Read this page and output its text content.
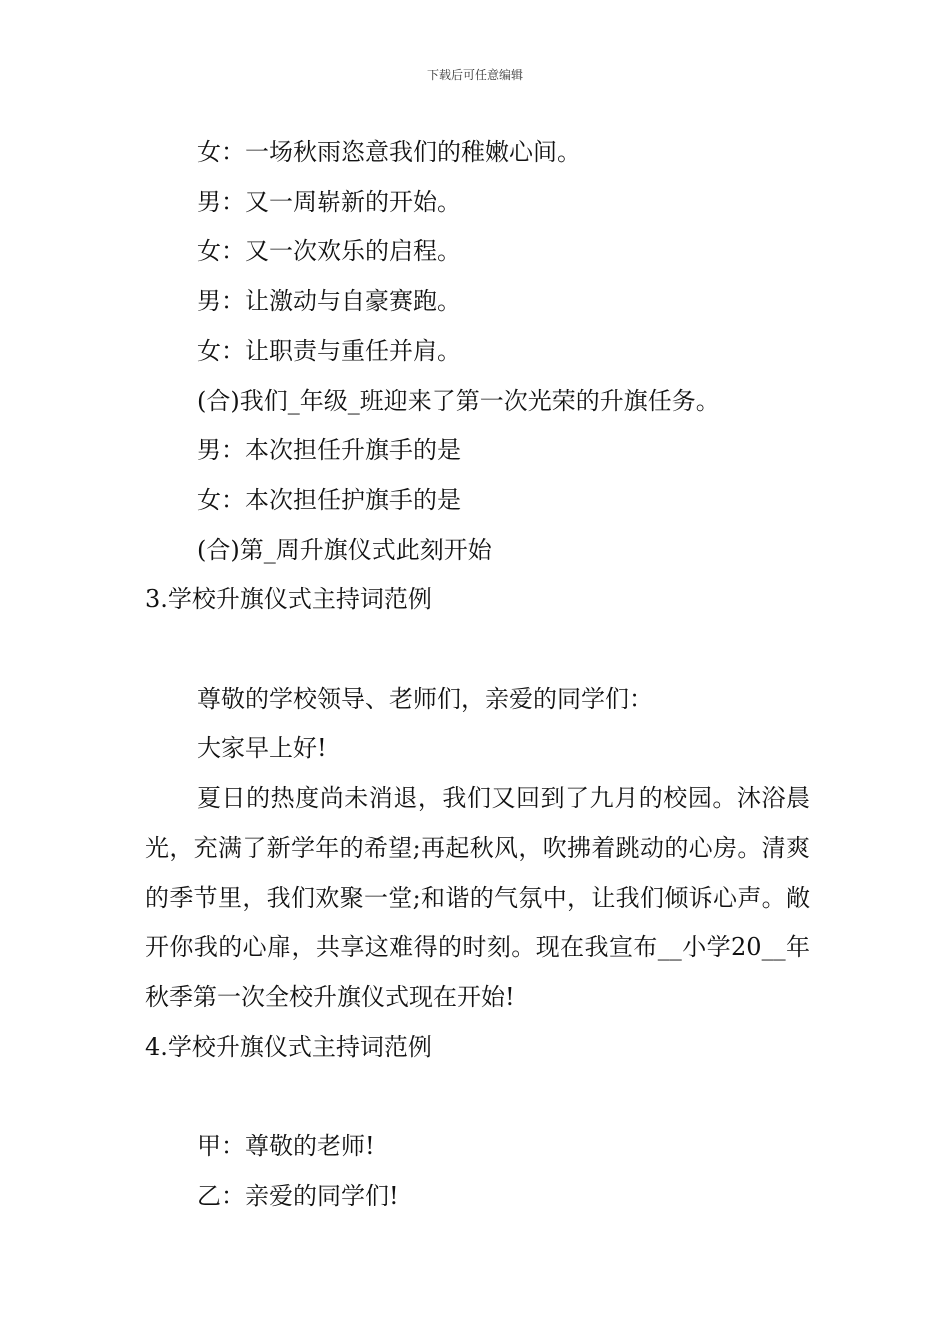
下载后可任意编辑
女：一场秋雨恣意我们的稚嫩心间。
男：又一周崭新的开始。
女：又一次欢乐的启程。
男：让激动与自豪赛跑。
女：让职责与重任并肩。
(合)我们_年级_班迎来了第一次光荣的升旗任务。
男：本次担任升旗手的是
女：本次担任护旗手的是
(合)第_周升旗仪式此刻开始
3.学校升旗仪式主持词范例
尊敬的学校领导、老师们，亲爱的同学们：
大家早上好!
夏日的热度尚未消退，我们又回到了九月的校园。沐浴晨光，充满了新学年的希望;再起秋风，吹拂着跳动的心房。清爽的季节里，我们欢聚一堂;和谐的气氛中，让我们倾诉心声。敞开你我的心扉，共享这难得的时刻。现在我宣布__小学20__年秋季第一次全校升旗仪式现在开始!
4.学校升旗仪式主持词范例
甲：尊敬的老师!
乙：亲爱的同学们!
